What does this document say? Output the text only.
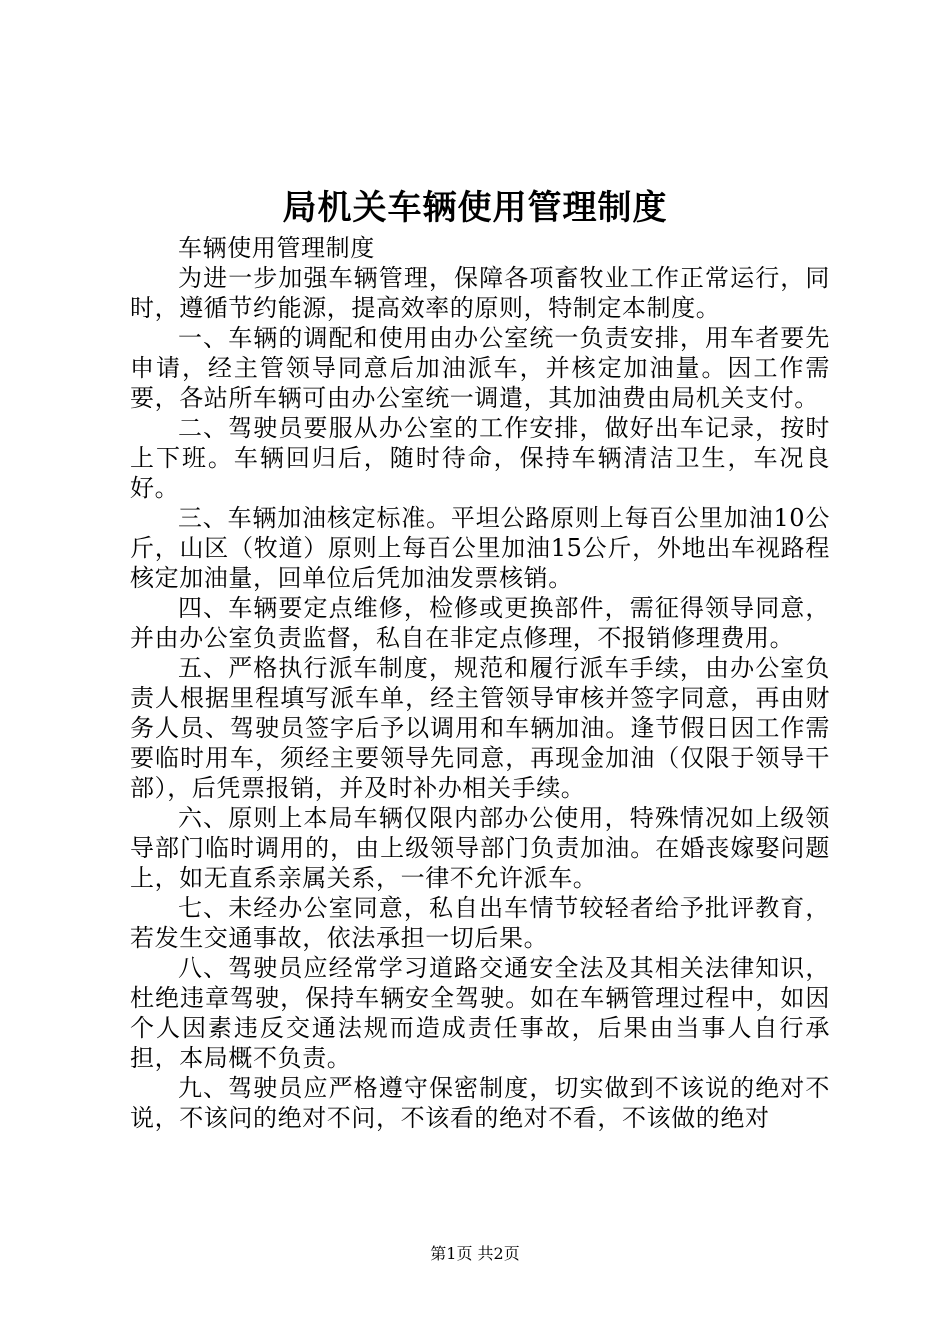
局机关车辆使用管理制度

车辆使用管理制度

为进一步加强车辆管理，保障各项畜牧业工作正常运行，同时，遵循节约能源，提高效率的原则，特制定本制度。

一、车辆的调配和使用由办公室统一负责安排，用车者要先申请，经主管领导同意后加油派车，并核定加油量。因工作需要，各站所车辆可由办公室统一调遣，其加油费由局机关支付。

二、驾驶员要服从办公室的工作安排，做好出车记录，按时上下班。车辆回归后，随时待命，保持车辆清洁卫生，车况良好。

三、车辆加油核定标准。平坦公路原则上每百公里加油10公斤，山区（牧道）原则上每百公里加油15公斤，外地出车视路程核定加油量，回单位后凭加油发票核销。

四、车辆要定点维修，检修或更换部件，需征得领导同意，并由办公室负责监督，私自在非定点修理，不报销修理费用。

五、严格执行派车制度，规范和履行派车手续，由办公室负责人根据里程填写派车单，经主管领导审核并签字同意，再由财务人员、驾驶员签字后予以调用和车辆加油。逢节假日因工作需要临时用车，须经主要领导先同意，再现金加油（仅限于领导干部），后凭票报销，并及时补办相关手续。

六、原则上本局车辆仅限内部办公使用，特殊情况如上级领导部门临时调用的，由上级领导部门负责加油。在婚丧嫁娶问题上，如无直系亲属关系，一律不允许派车。

七、未经办公室同意，私自出车情节较轻者给予批评教育，若发生交通事故，依法承担一切后果。

八、驾驶员应经常学习道路交通安全法及其相关法律知识，杜绝违章驾驶，保持车辆安全驾驶。如在车辆管理过程中，如因个人因素违反交通法规而造成责任事故，后果由当事人自行承担，本局概不负责。

九、驾驶员应严格遵守保密制度，切实做到不该说的绝对不说，不该问的绝对不问，不该看的绝对不看，不该做的绝对

第1页 共2页
